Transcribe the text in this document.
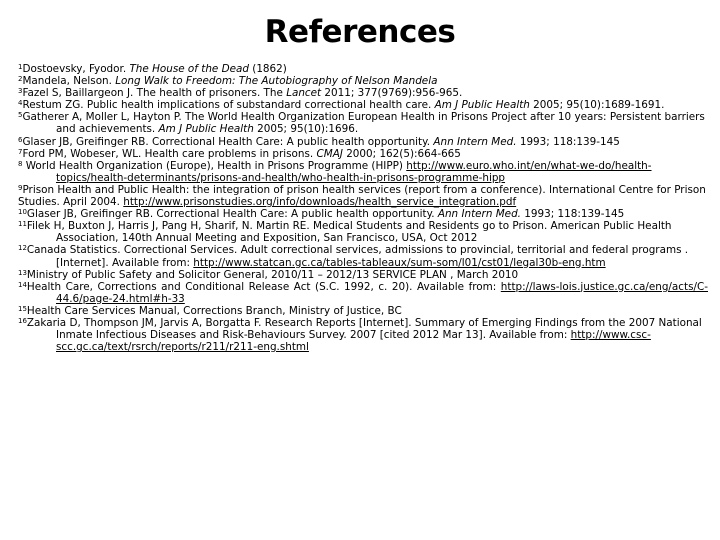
References
$^1$Dostoevsky, Fyodor. The House of the Dead (1862)
$^2$Mandela, Nelson. Long Walk to Freedom: The Autobiography of Nelson Mandela
$^3$Fazel S, Baillargeon J. The health of prisoners. The Lancet 2011; 377(9769):956-965.
$^4$Restum ZG. Public health implications of substandard correctional health care. Am J Public Health 2005; 95(10):1689-1691.
$^5$Gatherer A, Moller L, Hayton P. The World Health Organization European Health in Prisons Project after 10 years: Persistent barriers and achievements. Am J Public Health 2005; 95(10):1696.
$^6$Glaser JB, Greifinger RB. Correctional Health Care: A public health opportunity. Ann Intern Med. 1993; 118:139-145
$^7$Ford PM, Wobeser, WL. Health care problems in prisons. CMAJ 2000; 162(5):664-665
$^8$ World Health Organization (Europe), Health in Prisons Programme (HIPP) http://www.euro.who.int/en/what-we-do/health-topics/health-determinants/prisons-and-health/who-health-in-prisons-programme-hipp
$^9$Prison Health and Public Health: the integration of prison health services (report from a conference). International Centre for Prison Studies. April 2004. http://www.prisonstudies.org/info/downloads/health_service_integration.pdf
$^{10}$Glaser JB, Greifinger RB. Correctional Health Care: A public health opportunity. Ann Intern Med. 1993; 118:139-145
$^{11}$Filek H, Buxton J, Harris J, Pang H, Sharif, N. Martin RE. Medical Students and Residents go to Prison. American Public Health Association, 140th Annual Meeting and Exposition, San Francisco, USA, Oct 2012
$^{12}$Canada Statistics. Correctional Services. Adult correctional services, admissions to provincial, territorial and federal programs . [Internet]. Available from: http://www.statcan.gc.ca/tables-tableaux/sum-som/l01/cst01/legal30b-eng.htm
$^{13}$Ministry of Public Safety and Solicitor General, 2010/11 – 2012/13 SERVICE PLAN , March 2010
$^{14}$Health Care, Corrections and Conditional Release Act (S.C. 1992, c. 20). Available from: http://laws-lois.justice.gc.ca/eng/acts/C-44.6/page-24.html#h-33
$^{15}$Health Care Services Manual, Corrections Branch, Ministry of Justice, BC
$^{16}$Zakaria D, Thompson JM, Jarvis A, Borgatta F. Research Reports [Internet]. Summary of Emerging Findings from the 2007 National Inmate Infectious Diseases and Risk-Behaviours Survey. 2007 [cited 2012 Mar 13]. Available from: http://www.csc-scc.gc.ca/text/rsrch/reports/r211/r211-eng.shtml
